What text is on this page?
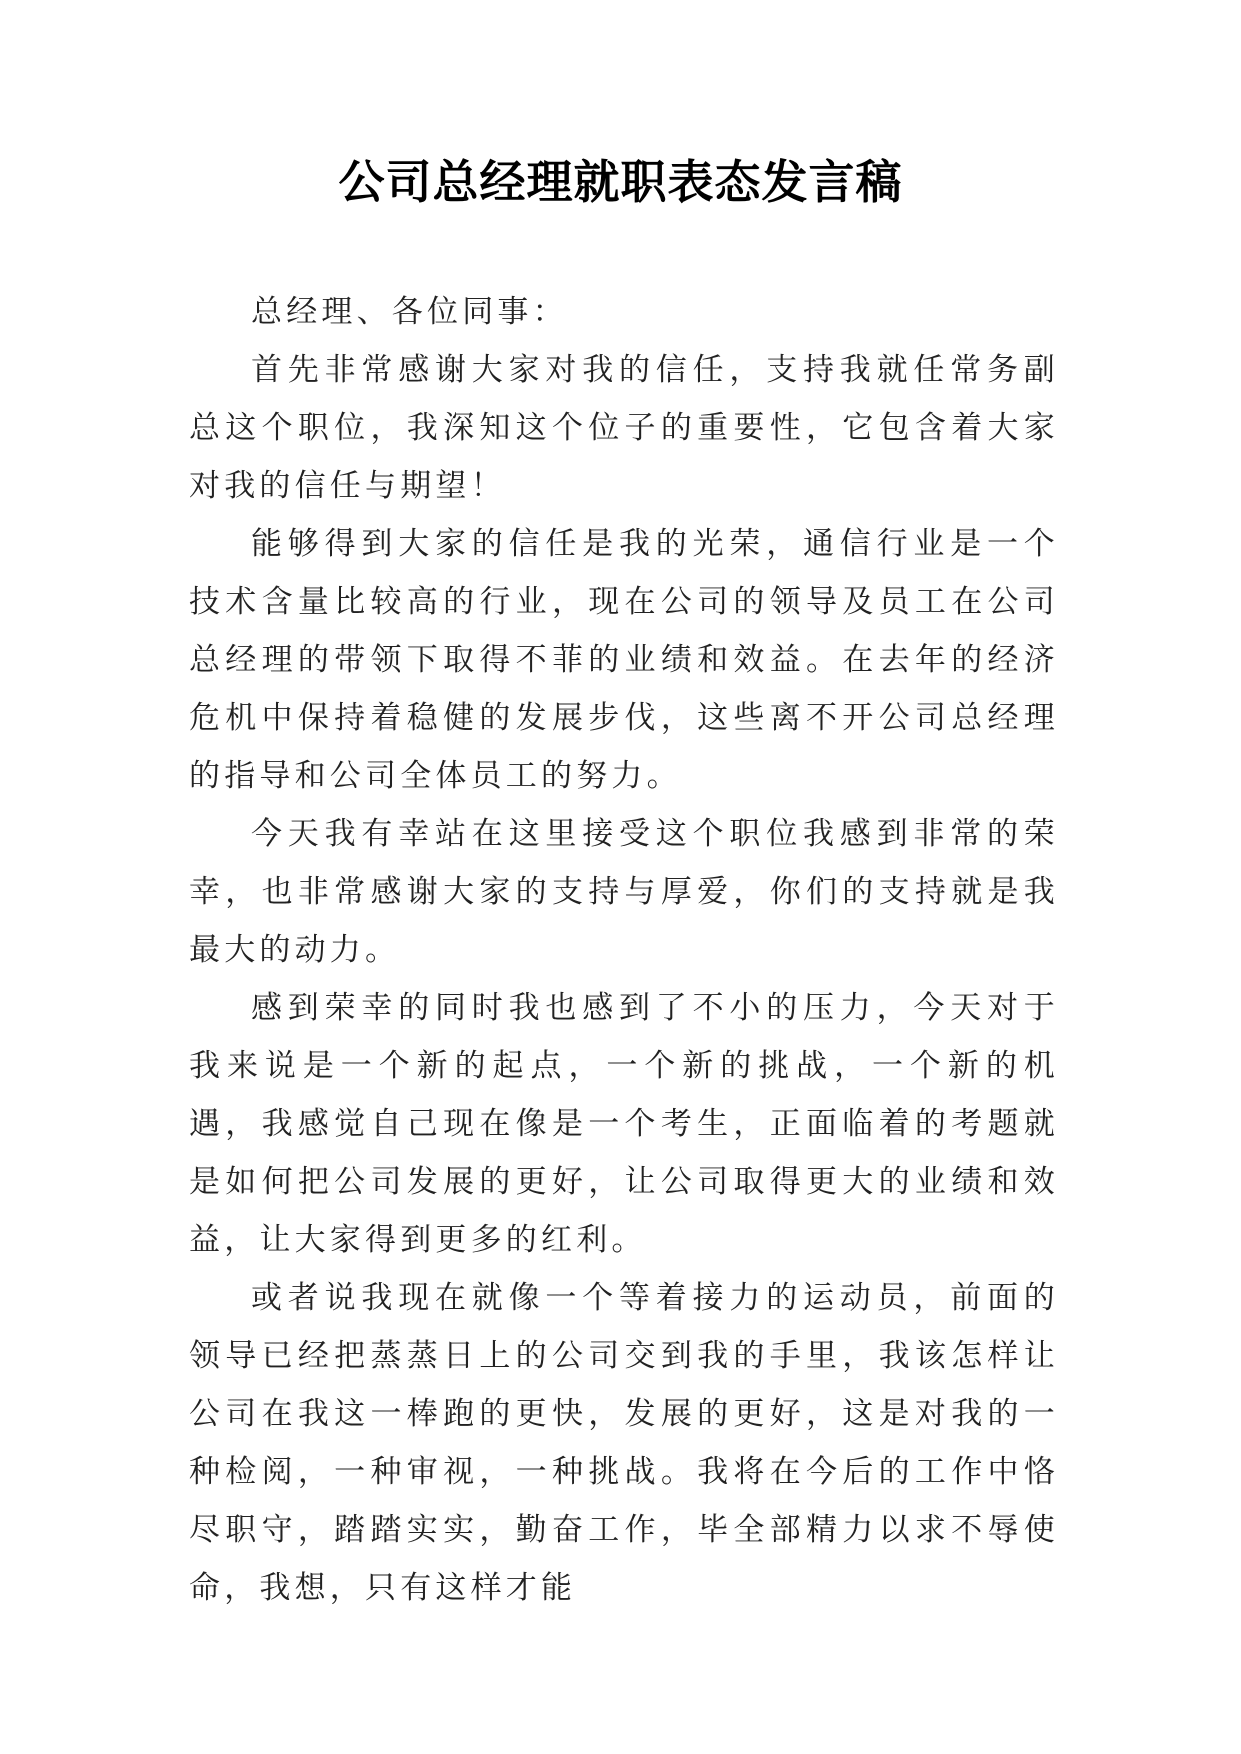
公司总经理就职表态发言稿

总经理、各位同事：

首先非常感谢大家对我的信任，支持我就任常务副总这个职位，我深知这个位子的重要性，它包含着大家对我的信任与期望！

能够得到大家的信任是我的光荣，通信行业是一个技术含量比较高的行业，现在公司的领导及员工在公司总经理的带领下取得不菲的业绩和效益。在去年的经济危机中保持着稳健的发展步伐，这些离不开公司总经理的指导和公司全体员工的努力。

今天我有幸站在这里接受这个职位我感到非常的荣幸，也非常感谢大家的支持与厚爱，你们的支持就是我最大的动力。

感到荣幸的同时我也感到了不小的压力，今天对于我来说是一个新的起点，一个新的挑战，一个新的机遇，我感觉自己现在像是一个考生，正面临着的考题就是如何把公司发展的更好，让公司取得更大的业绩和效益，让大家得到更多的红利。

或者说我现在就像一个等着接力的运动员，前面的领导已经把蒸蒸日上的公司交到我的手里，我该怎样让公司在我这一棒跑的更快，发展的更好，这是对我的一种检阅，一种审视，一种挑战。我将在今后的工作中恪尽职守，踏踏实实，勤奋工作，毕全部精力以求不辱使命，我想，只有这样才能
